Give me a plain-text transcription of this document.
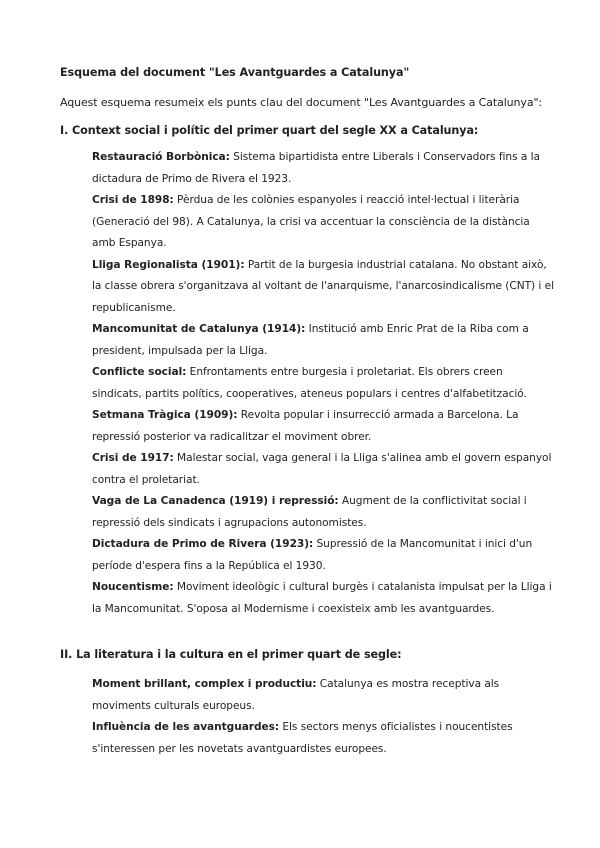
Esquema del document "Les Avantguardes a Catalunya"
Aquest esquema resumeix els punts clau del document "Les Avantguardes a Catalunya":
I. Context social i polític del primer quart del segle XX a Catalunya:

Restauració Borbònica: Sistema bipartidista entre Liberals i Conservadors fins a la dictadura de Primo de Rivera el 1923.

Crisi de 1898: Pèrdua de les colònies espanyoles i reacció intel·lectual i literària (Generació del 98). A Catalunya, la crisi va accentuar la consciència de la distància amb Espanya.

Lliga Regionalista (1901): Partit de la burgesia industrial catalana. No obstant això, la classe obrera s'organitzava al voltant de l'anarquisme, l'anarcosindicalisme (CNT) i el republicanisme.

Mancomunitat de Catalunya (1914): Institució amb Enric Prat de la Riba com a president, impulsada per la Lliga.

Conflicte social: Enfrontaments entre burgesia i proletariat. Els obrers creen sindicats, partits polítics, cooperatives, ateneus populars i centres d'alfabetització.

Setmana Tràgica (1909): Revolta popular i insurrecció armada a Barcelona. La repressió posterior va radicalitzar el moviment obrer.

Crisi de 1917: Malestar social, vaga general i la Lliga s'alinea amb el govern espanyol contra el proletariat.

Vaga de La Canadenca (1919) i repressió: Augment de la conflictivitat social i repressió dels sindicats i agrupacions autonomistes.

Dictadura de Primo de Rivera (1923): Supressió de la Mancomunitat i inici d'un període d'espera fins a la República el 1930.

Noucentisme: Moviment ideològic i cultural burgès i catalanista impulsat per la Lliga i la Mancomunitat. S'oposa al Modernisme i coexisteix amb les avantguardes.

II. La literatura i la cultura en el primer quart de segle:

Moment brillant, complex i productiu: Catalunya es mostra receptiva als moviments culturals europeus.

Influència de les avantguardes: Els sectors menys oficialistes i noucentistes s'interessen per les novetats avantguardistes europees.
